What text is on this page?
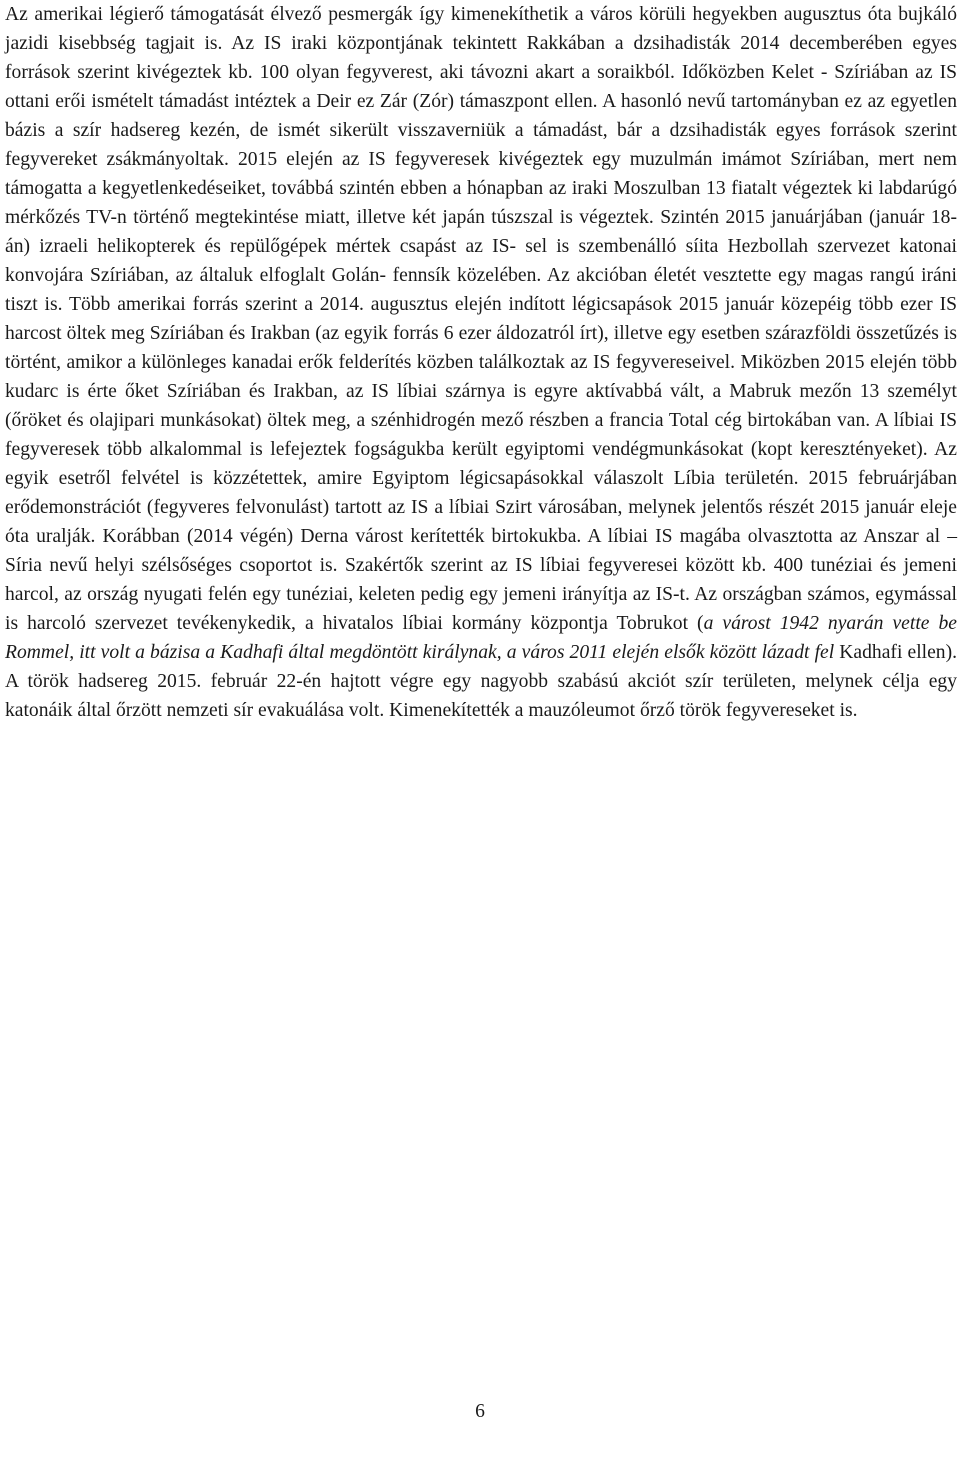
Az amerikai légierő támogatását élvező pesmergák így kimenekíthetik a város körüli hegyekben augusztus óta bujkáló jazidi kisebbség tagjait is. Az IS iraki központjának tekintett Rakkában a dzsihadisták 2014 decemberében egyes források szerint kivégeztek kb. 100 olyan fegyverest, aki távozni akart a soraikból. Időközben Kelet - Szíriában az IS ottani erői ismételt támadást intéztek a Deir ez Zár (Zór) támaszpont ellen. A hasonló nevű tartományban ez az egyetlen bázis a szír hadsereg kezén, de ismét sikerült visszaverniük a támadást, bár a dzsihadisták egyes források szerint fegyvereket zsákmányoltak. 2015 elején az IS fegyveresek kivégeztek egy muzulmán imámot Szíriában, mert nem támogatta a kegyetlenkedéseiket, továbbá szintén ebben a hónapban az iraki Moszulban 13 fiatalt végeztek ki labdarúgó mérkőzés TV-n történő megtekintése miatt, illetve két japán túszszal is végeztek. Szintén 2015 januárjában (január 18-án) izraeli helikopterek és repülőgépek mértek csapást az IS- sel is szembenálló síita Hezbollah szervezet katonai konvojára Szíriában, az általuk elfoglalt Golán- fennsík közelében. Az akcióban életét vesztette egy magas rangú iráni tiszt is. Több amerikai forrás szerint a 2014. augusztus elején indított légicsapások 2015 január közepéig több ezer IS harcost öltek meg Szíriában és Irakban (az egyik forrás 6 ezer áldozatról írt), illetve egy esetben szárazföldi összetűzés is történt, amikor a különleges kanadai erők felderítés közben találkoztak az IS fegyvereseivel. Miközben 2015 elején több kudarc is érte őket Szíriában és Irakban, az IS líbiai szárnya is egyre aktívabbá vált, a Mabruk mezőn 13 személyt (őröket és olajipari munkásokat) öltek meg, a szénhidrogén mező részben a francia Total cég birtokában van. A líbiai IS fegyveresek több alkalommal is lefejeztek fogságukba került egyiptomi vendégmunkásokat (kopt keresztényeket). Az egyik esetről felvétel is közzétettek, amire Egyiptom légicsapásokkal válaszolt Líbia területén. 2015 februárjában erődemonstrációt (fegyveres felvonulást) tartott az IS a líbiai Szirt városában, melynek jelentős részét 2015 január eleje óta uralják. Korábban (2014 végén) Derna várost kerítették birtokukba. A líbiai IS magába olvasztotta az Anszar al – Síria nevű helyi szélsőséges csoportot is. Szakértők szerint az IS líbiai fegyveresei között kb. 400 tunéziai és jemeni harcol, az ország nyugati felén egy tunéziai, keleten pedig egy jemeni irányítja az IS-t. Az országban számos, egymással is harcoló szervezet tevékenykedik, a hivatalos líbiai kormány központja Tobrukot (a várost 1942 nyarán vette be Rommel, itt volt a bázisa a Kadhafi által megdöntött királynak, a város 2011 elején elsők között lázadt fel Kadhafi ellen). A török hadsereg 2015. február 22-én hajtott végre egy nagyobb szabású akciót szír területen, melynek célja egy katonáik által őrzött nemzeti sír evakuálása volt. Kimenekítették a mauzóleumot őrző török fegyvereseket is.

6
